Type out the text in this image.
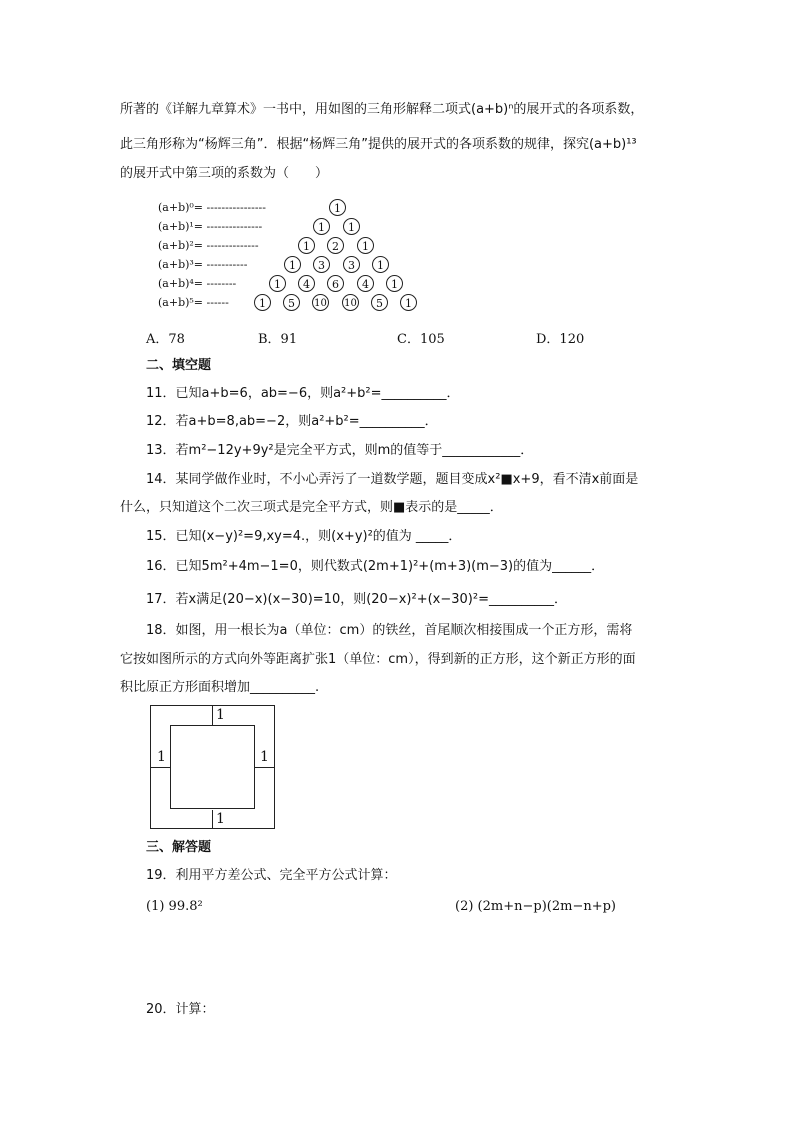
所著的《详解九章算术》一书中，用如图的三角形解释二项式(a+b)ⁿ的展开式的各项系数，
此三角形称为“杨辉三角”．根据“杨辉三角”提供的展开式的各项系数的规律，探究(a+b)¹³
的展开式中第三项的系数为（　　）
(a+b)⁰= ----------------
(a+b)¹= ---------------
(a+b)²= --------------
(a+b)³= -----------
(a+b)⁴= --------
(a+b)⁵= ------
1
1	1
1	2	1
1	3	3	1
1	4	6	4	1
1	5	10 10	5	1
A．78	B．91	C．105	D．120
二、填空题
11．已知a+b=6，ab=−6，则a²+b²=__________．
12．若a+b=8,ab=−2，则a²+b²=__________．
13．若m²−12y+9y²是完全平方式，则m的值等于____________．
14．某同学做作业时，不小心弄污了一道数学题，题目变成x²■x+9，看不清x前面是
什么，只知道这个二次三项式是完全平方式，则■表示的是_____．
15．已知(x−y)²=9,xy=4.，则(x+y)²的值为 _____．
16．已知5m²+4m−1=0，则代数式(2m+1)²+(m+3)(m−3)的值为______．
17．若x满足(20−x)(x−30)=10，则(20−x)²+(x−30)²=__________．
18．如图，用一根长为a（单位：cm）的铁丝，首尾顺次相接围成一个正方形，需将
它按如图所示的方式向外等距离扩张1（单位：cm），得到新的正方形，这个新正方形的面
积比原正方形面积增加__________.
1
1	1
1
三、解答题
19．利用平方差公式、完全平方公式计算：
(1) 99.8²	(2) (2m+n−p)(2m−n+p)
20．计算：
